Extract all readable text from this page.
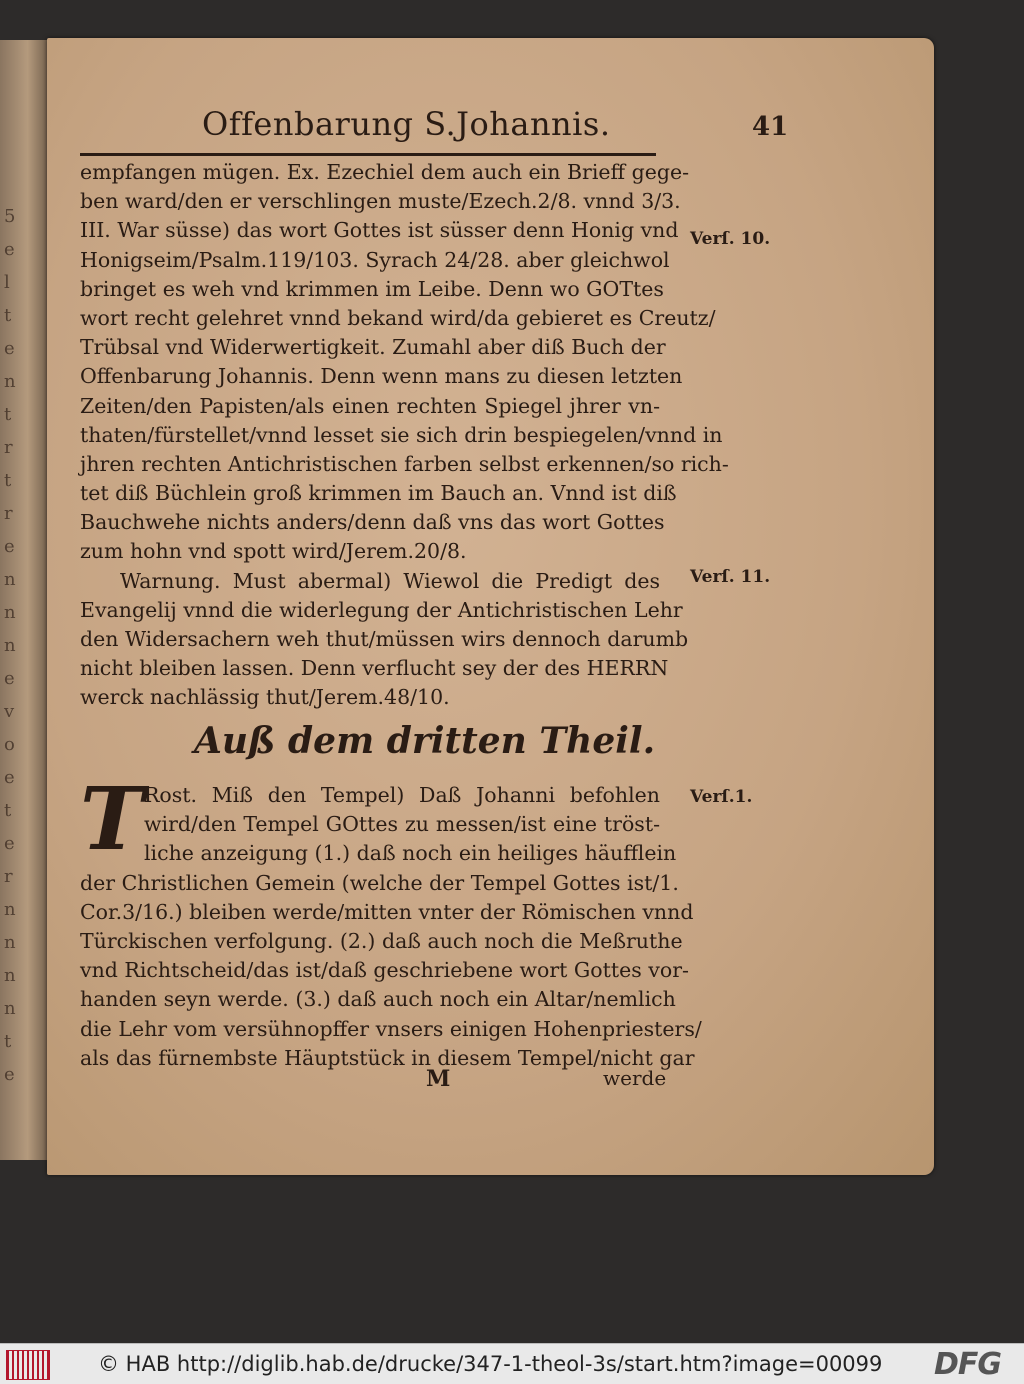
5
e
l
t
e
n
t
r
t
r
e
n
n
n
e
v
o
e
t
e
r
n
n
n
n
t
e
Offenbarung S.Johannis.	41
empfangen mügen. Ex. Ezechiel dem auch ein Brieff gege-
ben ward/den er verschlingen muste/Ezech.2/8. vnnd 3/3.
III. War süsse) das wort Gottes ist süsser denn Honig vnd
Honigseim/Psalm.119/103. Syrach 24/28. aber gleichwol
bringet es weh vnd krimmen im Leibe. Denn wo GOTtes
wort recht gelehret vnnd bekand wird/da gebieret es Creutz/
Trübsal vnd Widerwertigkeit. Zumahl aber diß Buch der
Offenbarung Johannis. Denn wenn mans zu diesen letzten
Zeiten/den Papisten/als einen rechten Spiegel jhrer vn-
thaten/fürstellet/vnnd lesset sie sich drin bespiegelen/vnnd in
jhren rechten Antichristischen farben selbst erkennen/so rich-
tet diß Büchlein groß krimmen im Bauch an. Vnnd ist diß
Bauchwehe nichts anders/denn daß vns das wort Gottes
zum hohn vnd spott wird/Jerem.20/8.
Warnung. Must abermal) Wiewol die Predigt des
Evangelij vnnd die widerlegung der Antichristischen Lehr
den Widersachern weh thut/müssen wirs dennoch darumb
nicht bleiben lassen. Denn verflucht sey der des HERRN
werck nachlässig thut/Jerem.48/10.
Auß dem dritten Theil.
T Rost. Miß den Tempel) Daß Johanni befohlen
wird/den Tempel GOttes zu messen/ist eine tröst-
liche anzeigung (1.) daß noch ein heiliges häufflein
der Christlichen Gemein (welche der Tempel Gottes ist/1.
Cor.3/16.) bleiben werde/mitten vnter der Römischen vnnd
Türckischen verfolgung. (2.) daß auch noch die Meßruthe
vnd Richtscheid/das ist/daß geschriebene wort Gottes vor-
handen seyn werde. (3.) daß auch noch ein Altar/nemlich
die Lehr vom versühnopffer vnsers einigen Hohenpriesters/
als das fürnembste Häuptstück in diesem Tempel/nicht gar
M	werde
Verſ. 10.
Verſ. 11.
Verſ.1.
© HAB http://diglib.hab.de/drucke/347-1-theol-3s/start.htm?image=00099 DFG
